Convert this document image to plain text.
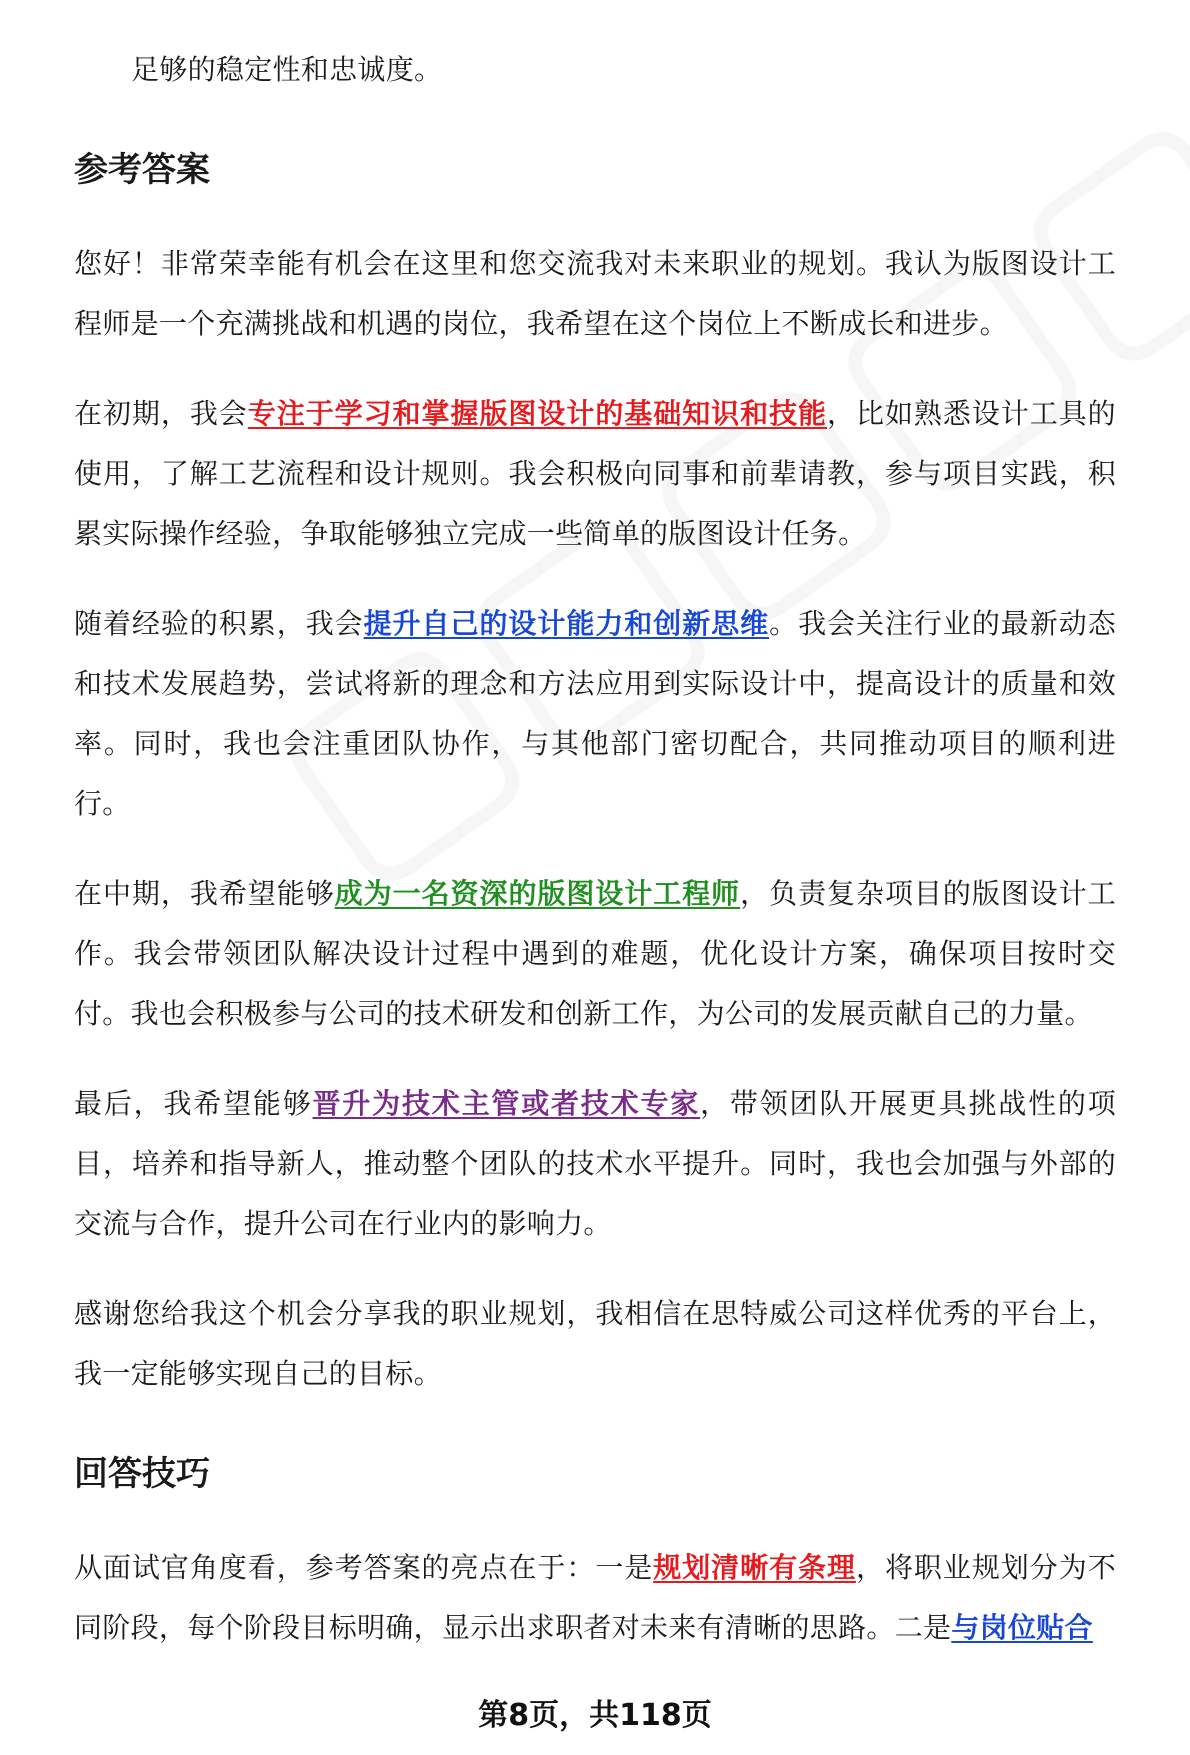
足够的稳定性和忠诚度。

参考答案

您好！非常荣幸能有机会在这里和您交流我对未来职业的规划。我认为版图设计工程师是一个充满挑战和机遇的岗位，我希望在这个岗位上不断成长和进步。

在初期，我会专注于学习和掌握版图设计的基础知识和技能，比如熟悉设计工具的使用，了解工艺流程和设计规则。我会积极向同事和前辈请教，参与项目实践，积累实际操作经验，争取能够独立完成一些简单的版图设计任务。

随着经验的积累，我会提升自己的设计能力和创新思维。我会关注行业的最新动态和技术发展趋势，尝试将新的理念和方法应用到实际设计中，提高设计的质量和效率。同时，我也会注重团队协作，与其他部门密切配合，共同推动项目的顺利进行。

在中期，我希望能够成为一名资深的版图设计工程师，负责复杂项目的版图设计工作。我会带领团队解决设计过程中遇到的难题，优化设计方案，确保项目按时交付。我也会积极参与公司的技术研发和创新工作，为公司的发展贡献自己的力量。

最后，我希望能够晋升为技术主管或者技术专家，带领团队开展更具挑战性的项目，培养和指导新人，推动整个团队的技术水平提升。同时，我也会加强与外部的交流与合作，提升公司在行业内的影响力。

感谢您给我这个机会分享我的职业规划，我相信在思特威公司这样优秀的平台上，我一定能够实现自己的目标。

回答技巧

从面试官角度看，参考答案的亮点在于：一是规划清晰有条理，将职业规划分为不同阶段，每个阶段目标明确，显示出求职者对未来有清晰的思路。二是与岗位贴合

第8页，共118页
